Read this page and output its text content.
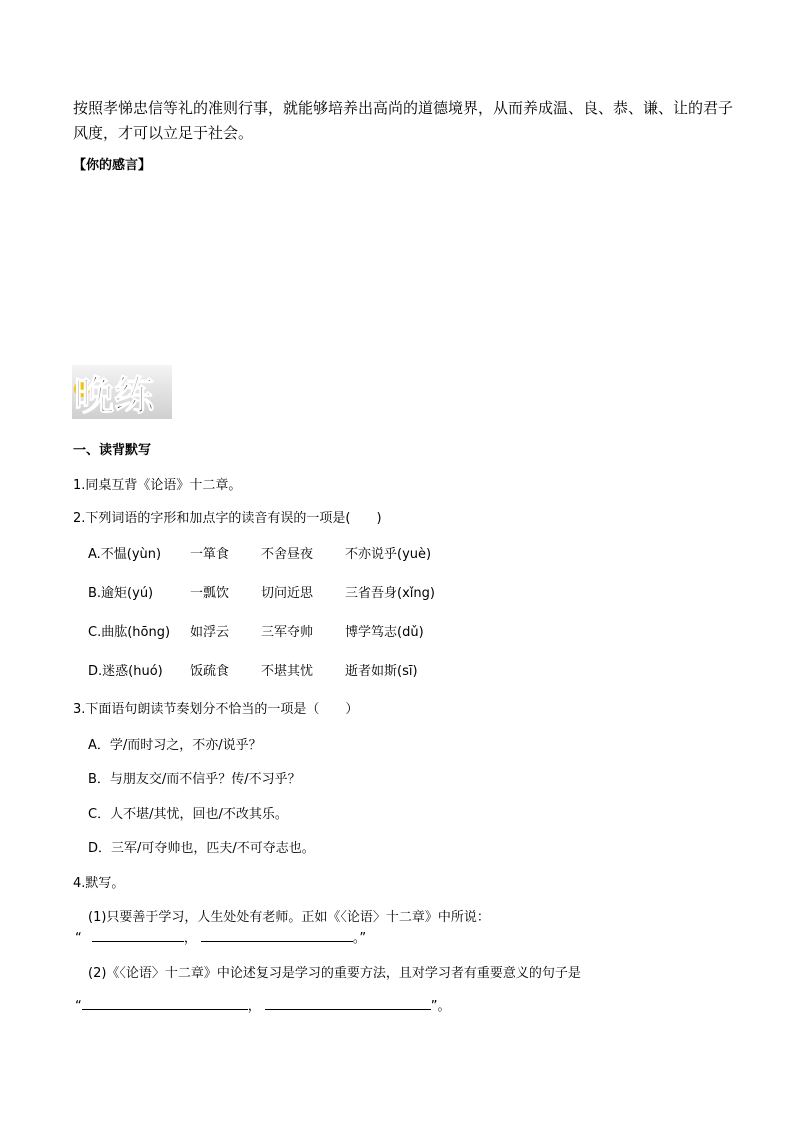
按照孝悌忠信等礼的准则行事，就能够培养出高尚的道德境界，从而养成温、良、恭、谦、让的君子风度，才可以立足于社会。
【你的感言】
晚练
一、读背默写
1.同桌互背《论语》十二章。
2.下列词语的字形和加点字的读音有误的一项是(　　)
A.不愠(yùn) 一箪食 不舍昼夜 不亦说乎(yuè)
B.逾矩(yú)	一瓢饮 切问近思 三省吾身(xǐng)
C.曲肱(hōng) 如浮云 三军夺帅 博学笃志(dǔ)
D.迷惑(huó) 饭疏食 不堪其忧 逝者如斯(sī)
3.下面语句朗读节奏划分不恰当的一项是（　　）
A．学/而时习之，不亦/说乎？
B．与朋友交/而不信乎？传/不习乎？
C．人不堪/其忧，回也/不改其乐。
D．三军/可夺帅也，匹夫/不可夺志也。
4.默写。
(1)只要善于学习，人生处处有老师。正如《〈论语〉十二章》中所说：
“	，	。”
(2)《〈论语〉十二章》中论述复习是学习的重要方法，且对学习者有重要意义的句子是
“	，	”。
